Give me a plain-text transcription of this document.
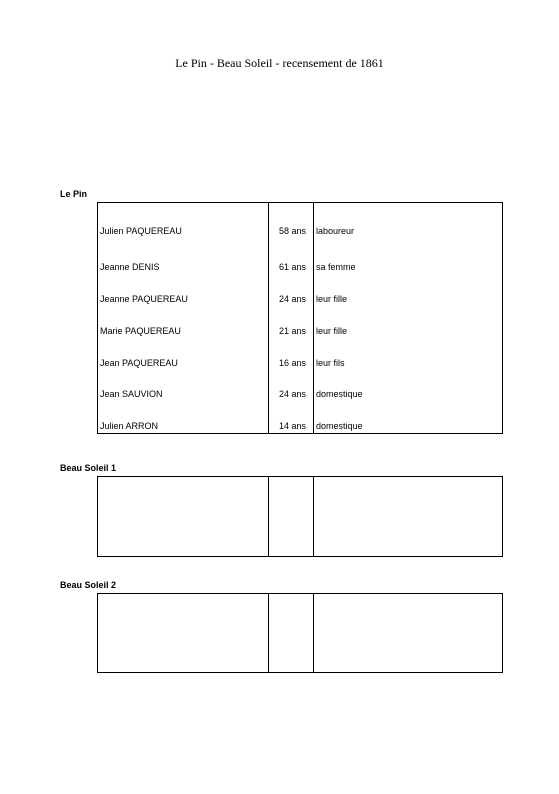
Le Pin - Beau Soleil - recensement de 1861
Le Pin
Julien PAQUEREAU	58 ans laboureur
Jeanne DENIS	61 ans sa femme
Jeanne PAQUEREAU	24 ans leur fille
Marie PAQUEREAU	21 ans leur fille
Jean PAQUEREAU	16 ans leur fils
Jean SAUVION	24 ans domestique
Julien ARRON	14 ans domestique
Beau Soleil 1
Beau Soleil 2
